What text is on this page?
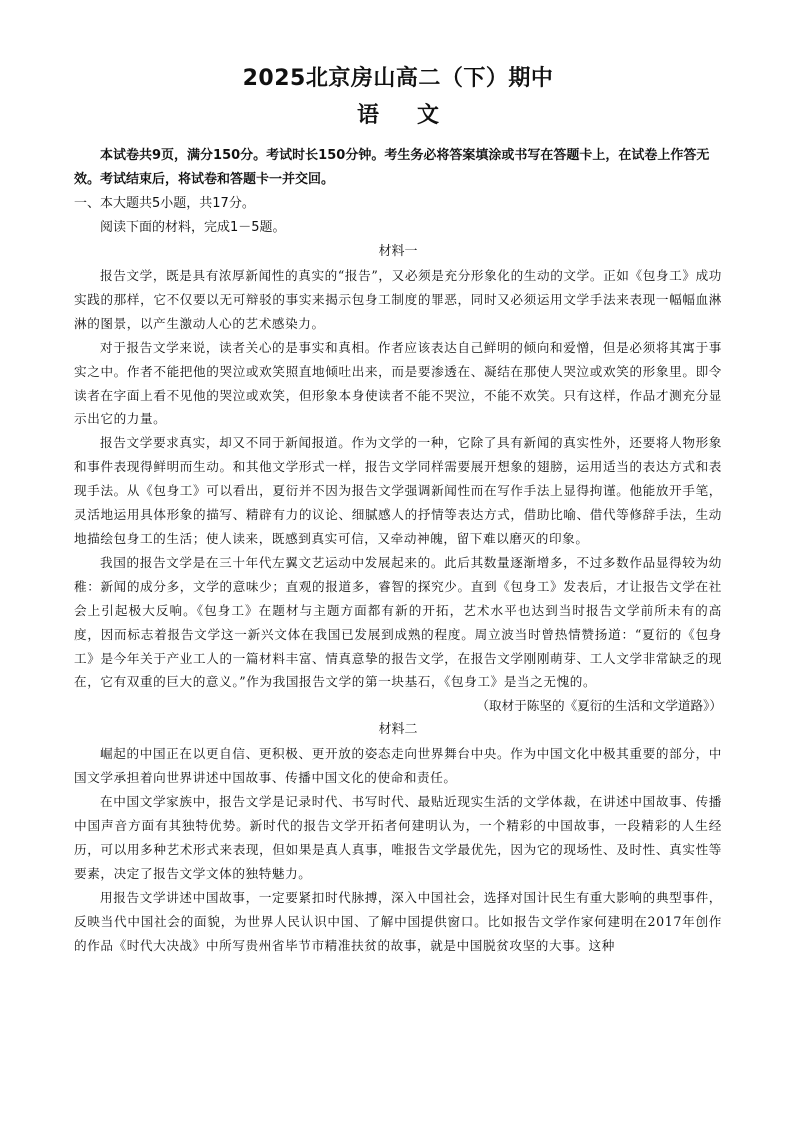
2025北京房山高二（下）期中
语文

本试卷共9页，满分150分。考试时长150分钟。考生务必将答案填涂或书写在答题卡上，在试卷上作答无效。考试结束后，将试卷和答题卡一并交回。

一、本大题共5小题，共17分。

阅读下面的材料，完成1－5题。

材料一

报告文学，既是具有浓厚新闻性的真实的“报告”，又必须是充分形象化的生动的文学。正如《包身工》成功实践的那样，它不仅要以无可辩驳的事实来揭示包身工制度的罪恶，同时又必须运用文学手法来表现一幅幅血淋淋的图景，以产生激动人心的艺术感染力。

对于报告文学来说，读者关心的是事实和真相。作者应该表达自己鲜明的倾向和爱憎，但是必须将其寓于事实之中。作者不能把他的哭泣或欢笑照直地倾吐出来，而是要渗透在、凝结在那使人哭泣或欢笑的形象里。即令读者在字面上看不见他的哭泣或欢笑，但形象本身使读者不能不哭泣，不能不欢笑。只有这样，作品才测充分显示出它的力量。

报告文学要求真实，却又不同于新闻报道。作为文学的一种，它除了具有新闻的真实性外，还要将人物形象和事件表现得鲜明而生动。和其他文学形式一样，报告文学同样需要展开想象的翅膀，运用适当的表达方式和表现手法。从《包身工》可以看出，夏衍并不因为报告文学强调新闻性而在写作手法上显得拘谨。他能放开手笔，灵活地运用具体形象的描写、精辟有力的议论、细腻感人的抒情等表达方式，借助比喻、借代等修辞手法，生动地描绘包身工的生活；使人读来，既感到真实可信，又牵动神魄，留下难以磨灭的印象。

我国的报告文学是在三十年代左翼文艺运动中发展起来的。此后其数量逐渐增多，不过多数作品显得较为幼稚：新闻的成分多，文学的意味少；直观的报道多，睿智的探究少。直到《包身工》发表后，才让报告文学在社会上引起极大反响。《包身工》在题材与主题方面都有新的开拓，艺术水平也达到当时报告文学前所未有的高度，因而标志着报告文学这一新兴文体在我国已发展到成熟的程度。周立波当时曾热情赞扬道：“夏衍的《包身工》是今年关于产业工人的一篇材料丰富、情真意挚的报告文学，在报告文学刚刚萌芽、工人文学非常缺乏的现在，它有双重的巨大的意义。”作为我国报告文学的第一块基石，《包身工》是当之无愧的。

（取材于陈坚的《夏衍的生活和文学道路》）

材料二

崛起的中国正在以更自信、更积极、更开放的姿态走向世界舞台中央。作为中国文化中极其重要的部分，中国文学承担着向世界讲述中国故事、传播中国文化的使命和责任。

在中国文学家族中，报告文学是记录时代、书写时代、最贴近现实生活的文学体裁，在讲述中国故事、传播中国声音方面有其独特优势。新时代的报告文学开拓者何建明认为，一个精彩的中国故事，一段精彩的人生经历，可以用多种艺术形式来表现，但如果是真人真事，唯报告文学最优先，因为它的现场性、及时性、真实性等要素，决定了报告文学文体的独特魅力。

用报告文学讲述中国故事，一定要紧扣时代脉搏，深入中国社会，选择对国计民生有重大影响的典型事件，反映当代中国社会的面貌，为世界人民认识中国、了解中国提供窗口。比如报告文学作家何建明在2017年创作的作品《时代大决战》中所写贵州省毕节市精准扶贫的故事，就是中国脱贫攻坚的大事。这种
